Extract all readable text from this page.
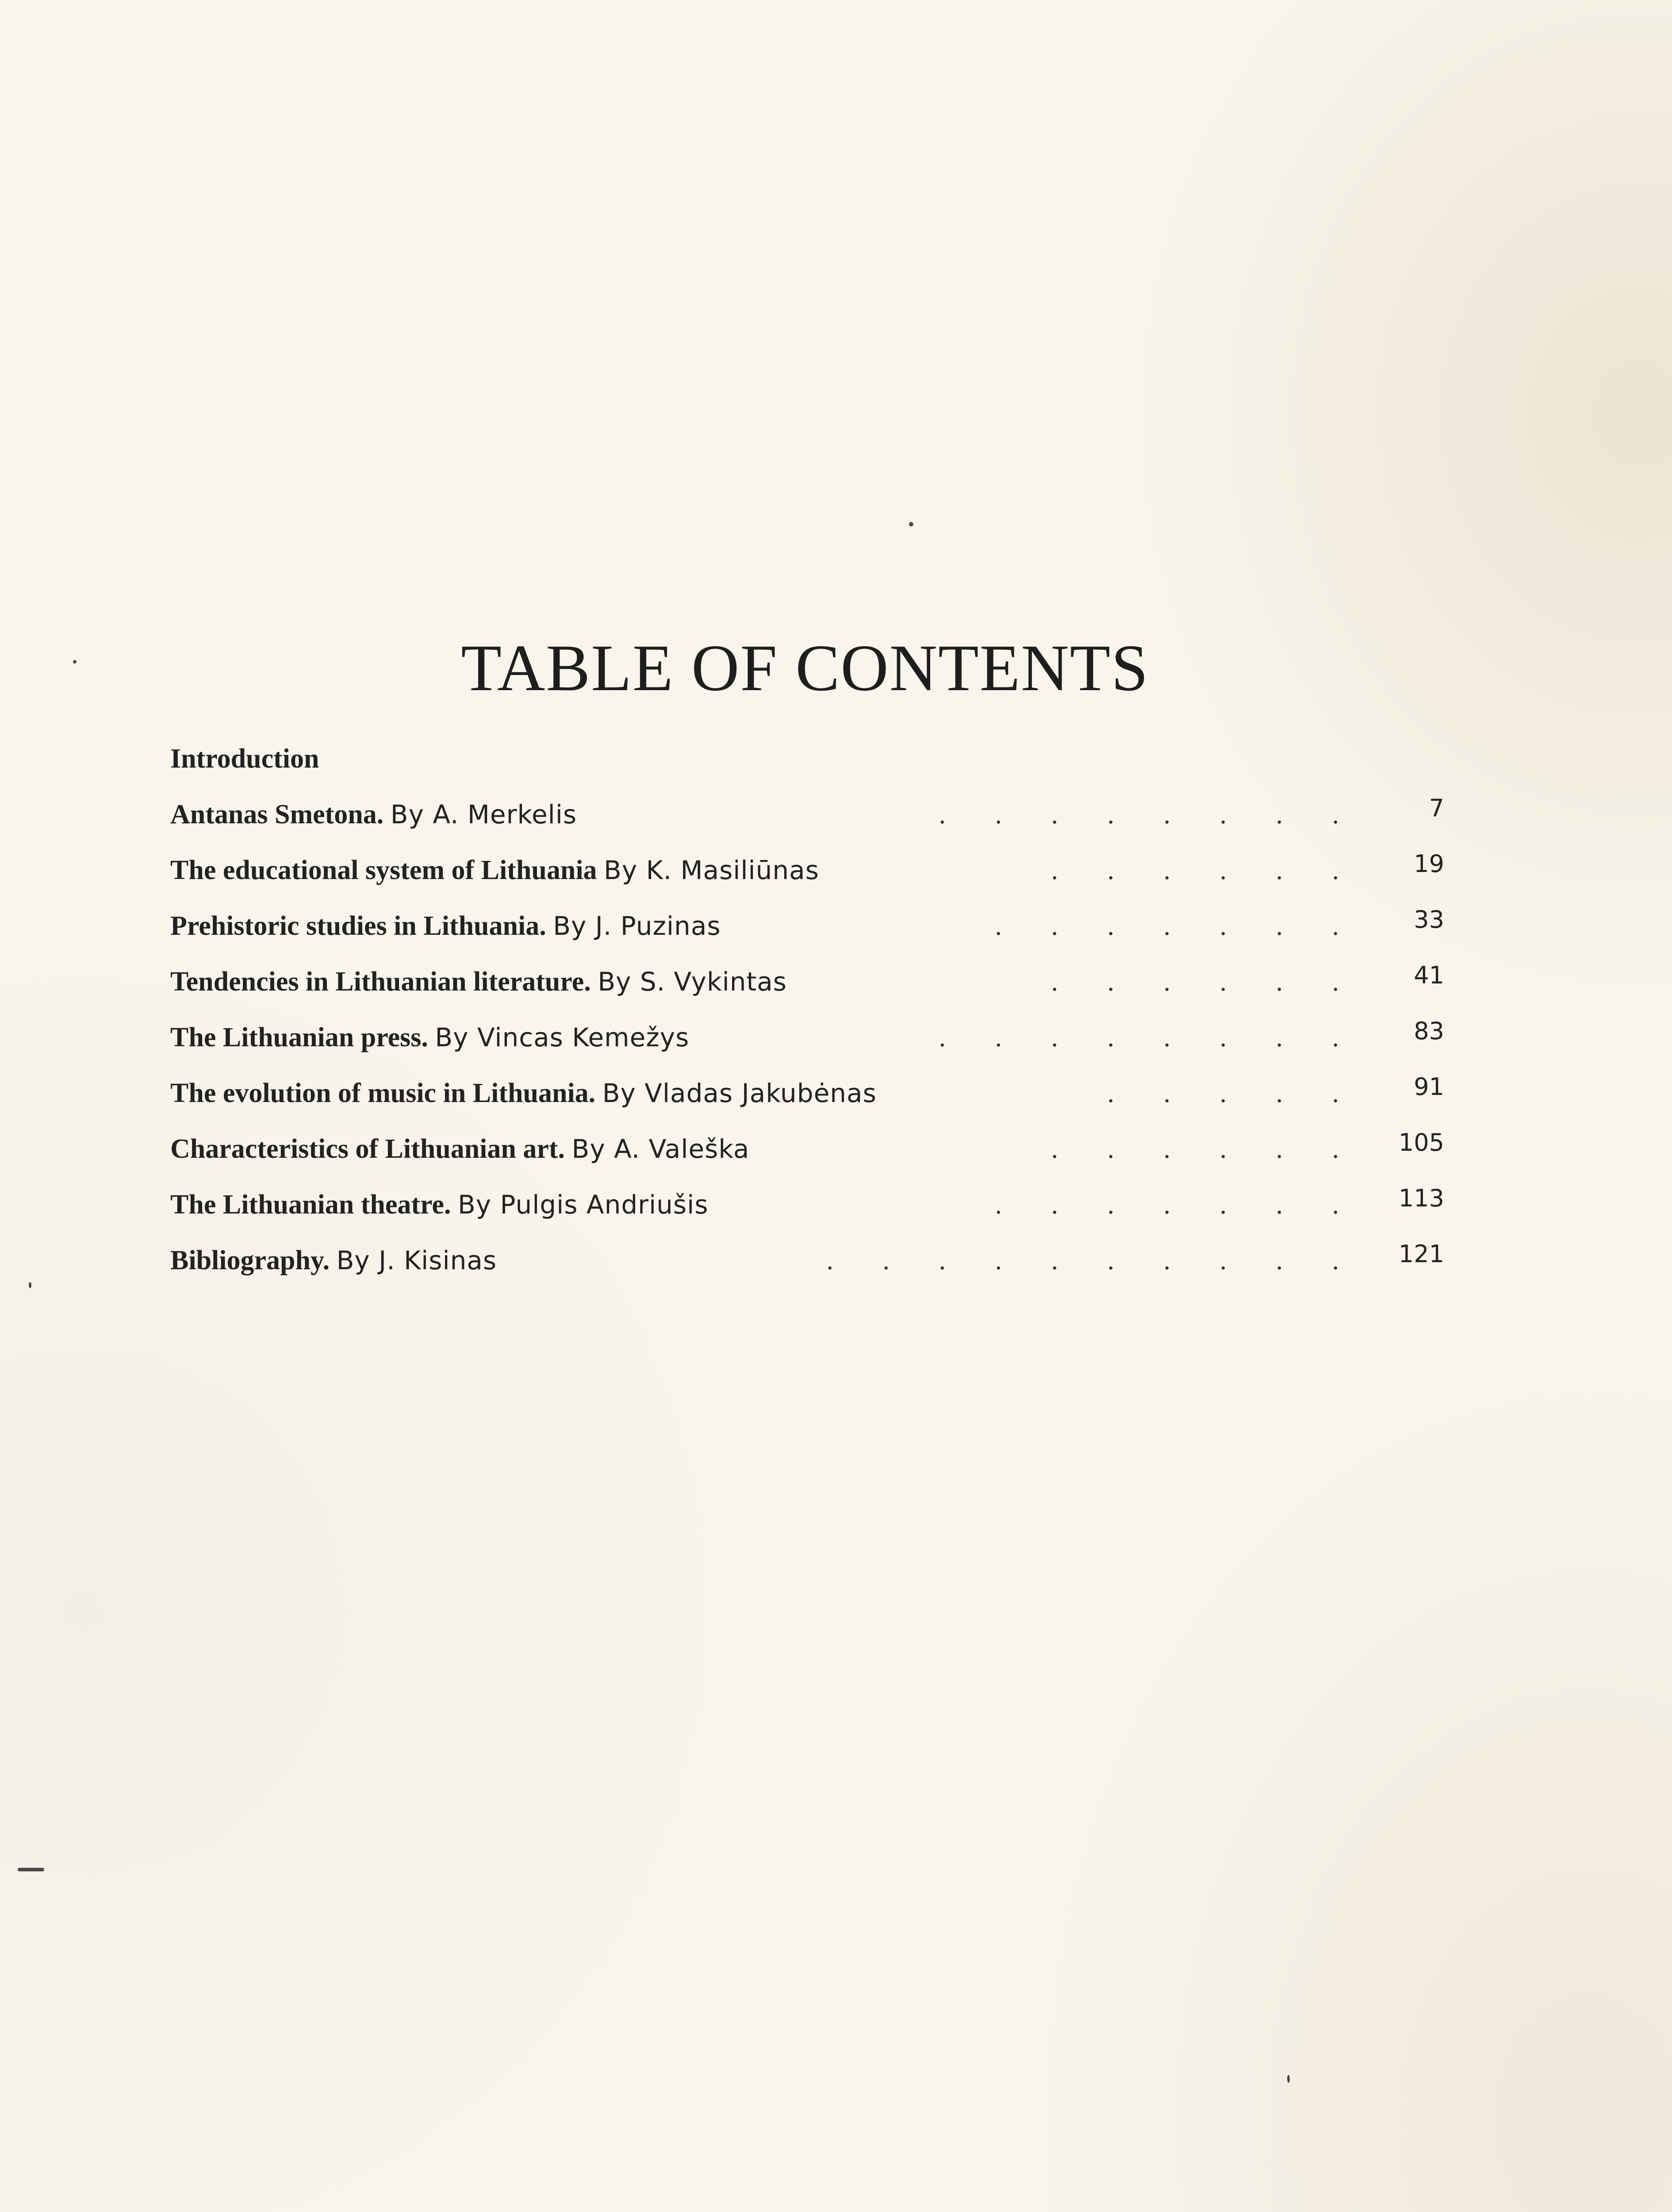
TABLE OF CONTENTS
Introduction
Antanas Smetona. By A. Merkelis	. . . . . . . .	7
The educational system of Lithuania By K. Masiliūnas	. . . . . .	19
Prehistoric studies in Lithuania. By J. Puzinas	. . . . . . .	33
Tendencies in Lithuanian literature. By S. Vykintas	. . . . . .	41
The Lithuanian press. By Vincas Kemežys	. . . . . . . .	83
The evolution of music in Lithuania. By Vladas Jakubėnas	. . . . .	91
Characteristics of Lithuanian art. By A. Valeška	. . . . . .	105
The Lithuanian theatre. By Pulgis Andriušis	. . . . . . .	113
Bibliography. By J. Kisinas	. . . . . . . . . .	121
